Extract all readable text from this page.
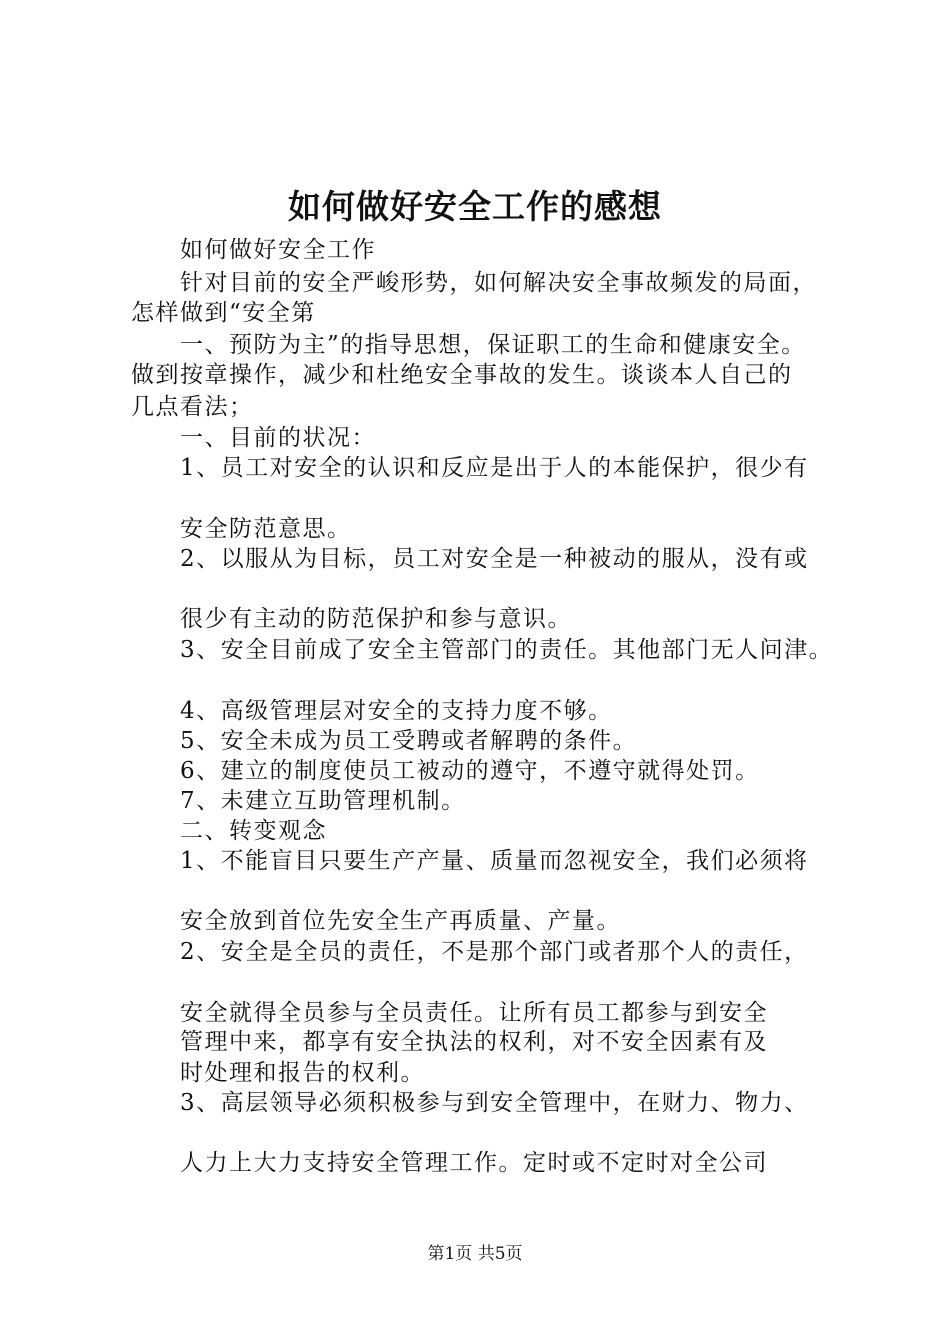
如何做好安全工作的感想
如何做好安全工作
针对目前的安全严峻形势，如何解决安全事故频发的局面，
怎样做到“安全第
一、预防为主”的指导思想，保证职工的生命和健康安全。
做到按章操作，减少和杜绝安全事故的发生。谈谈本人自己的
几点看法；
一、目前的状况：
1、员工对安全的认识和反应是出于人的本能保护，很少有
安全防范意思。
2、以服从为目标，员工对安全是一种被动的服从，没有或
很少有主动的防范保护和参与意识。
3、安全目前成了安全主管部门的责任。其他部门无人问津。
4、高级管理层对安全的支持力度不够。
5、安全未成为员工受聘或者解聘的条件。
6、建立的制度使员工被动的遵守，不遵守就得处罚。
7、未建立互助管理机制。
二、转变观念
1、不能盲目只要生产产量、质量而忽视安全，我们必须将
安全放到首位先安全生产再质量、产量。
2、安全是全员的责任，不是那个部门或者那个人的责任，
安全就得全员参与全员责任。让所有员工都参与到安全
管理中来，都享有安全执法的权利，对不安全因素有及
时处理和报告的权利。
3、高层领导必须积极参与到安全管理中，在财力、物力、
人力上大力支持安全管理工作。定时或不定时对全公司
第1页 共5页
